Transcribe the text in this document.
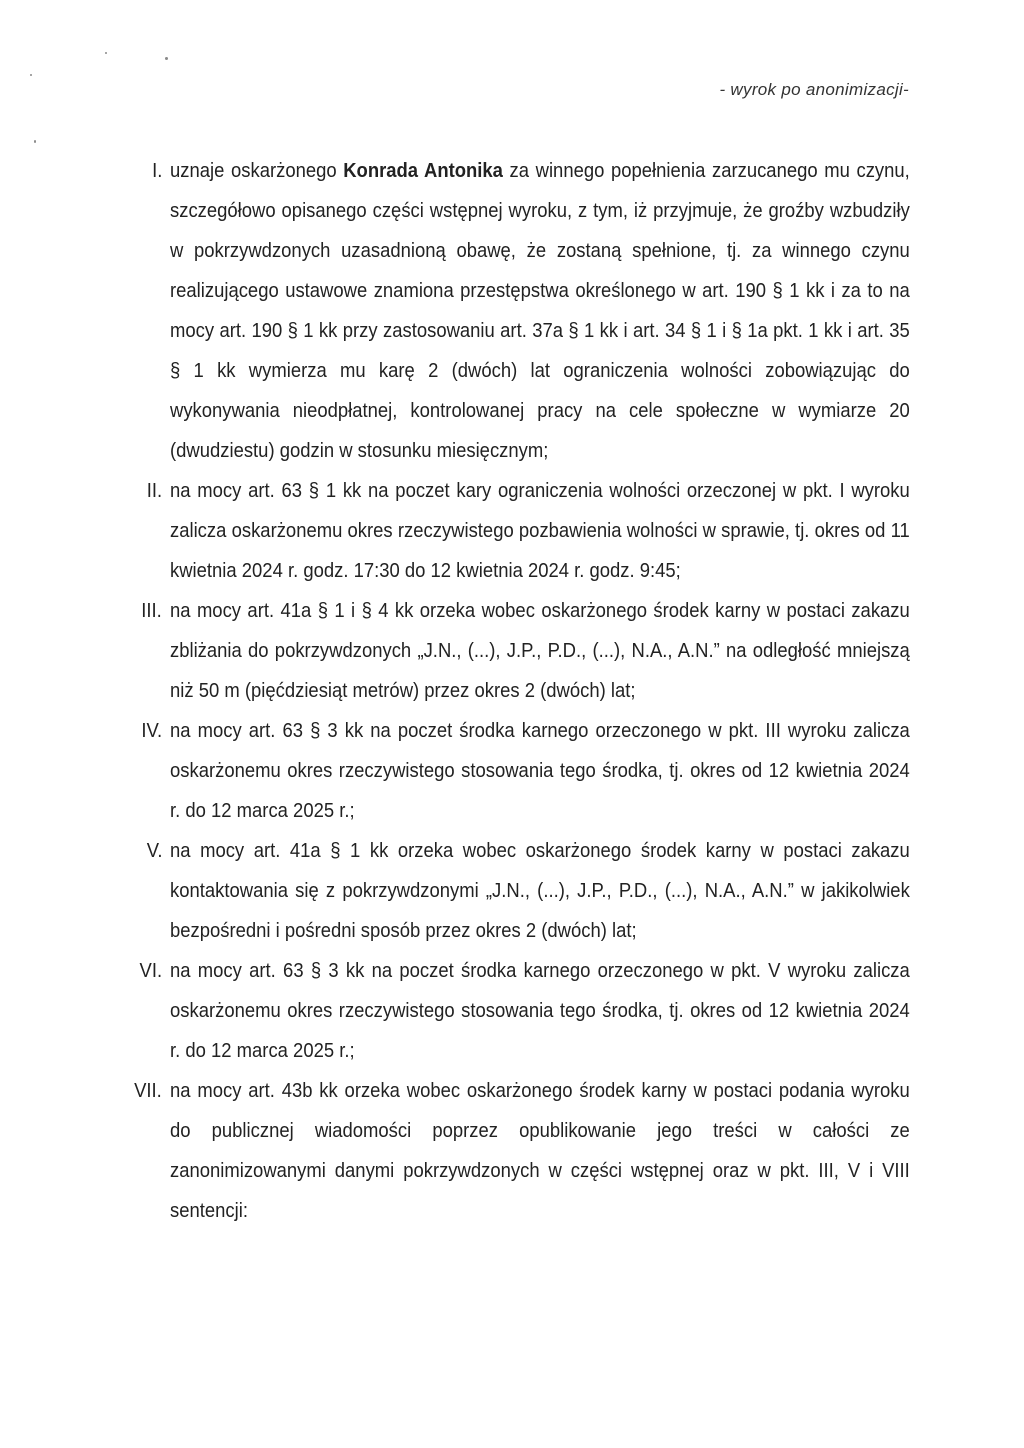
- wyrok po anonimizacji-
I. uznaje oskarżonego Konrada Antonika za winnego popełnienia zarzucanego mu czynu, szczegółowo opisanego części wstępnej wyroku, z tym, iż przyjmuje, że groźby wzbudziły w pokrzywdzonych uzasadnioną obawę, że zostaną spełnione, tj. za winnego czynu realizującego ustawowe znamiona przestępstwa określonego w art. 190 § 1 kk i za to na mocy art. 190 § 1 kk przy zastosowaniu art. 37a § 1 kk i art. 34 § 1 i § 1a pkt. 1 kk i art. 35 § 1 kk wymierza mu karę 2 (dwóch) lat ograniczenia wolności zobowiązując do wykonywania nieodpłatnej, kontrolowanej pracy na cele społeczne w wymiarze 20 (dwudziestu) godzin w stosunku miesięcznym;
II. na mocy art. 63 § 1 kk na poczet kary ograniczenia wolności orzeczonej w pkt. I wyroku zalicza oskarżonemu okres rzeczywistego pozbawienia wolności w sprawie, tj. okres od 11 kwietnia 2024 r. godz. 17:30 do 12 kwietnia 2024 r. godz. 9:45;
III. na mocy art. 41a § 1 i § 4 kk orzeka wobec oskarżonego środek karny w postaci zakazu zbliżania do pokrzywdzonych „J.N., (...), J.P., P.D., (...), N.A., A.N.” na odległość mniejszą niż 50 m (pięćdziesiąt metrów) przez okres 2 (dwóch) lat;
IV. na mocy art. 63 § 3 kk na poczet środka karnego orzeczonego w pkt. III wyroku zalicza oskarżonemu okres rzeczywistego stosowania tego środka, tj. okres od 12 kwietnia 2024 r. do 12 marca 2025 r.;
V. na mocy art. 41a § 1 kk orzeka wobec oskarżonego środek karny w postaci zakazu kontaktowania się z pokrzywdzonymi „J.N., (...), J.P., P.D., (...), N.A., A.N.” w jakikolwiek bezpośredni i pośredni sposób przez okres 2 (dwóch) lat;
VI. na mocy art. 63 § 3 kk na poczet środka karnego orzeczonego w pkt. V wyroku zalicza oskarżonemu okres rzeczywistego stosowania tego środka, tj. okres od 12 kwietnia 2024 r. do 12 marca 2025 r.;
VII. na mocy art. 43b kk orzeka wobec oskarżonego środek karny w postaci podania wyroku do publicznej wiadomości poprzez opublikowanie jego treści w całości ze zanonimizowanymi danymi pokrzywdzonych w części wstępnej oraz w pkt. III, V i VIII sentencji:
